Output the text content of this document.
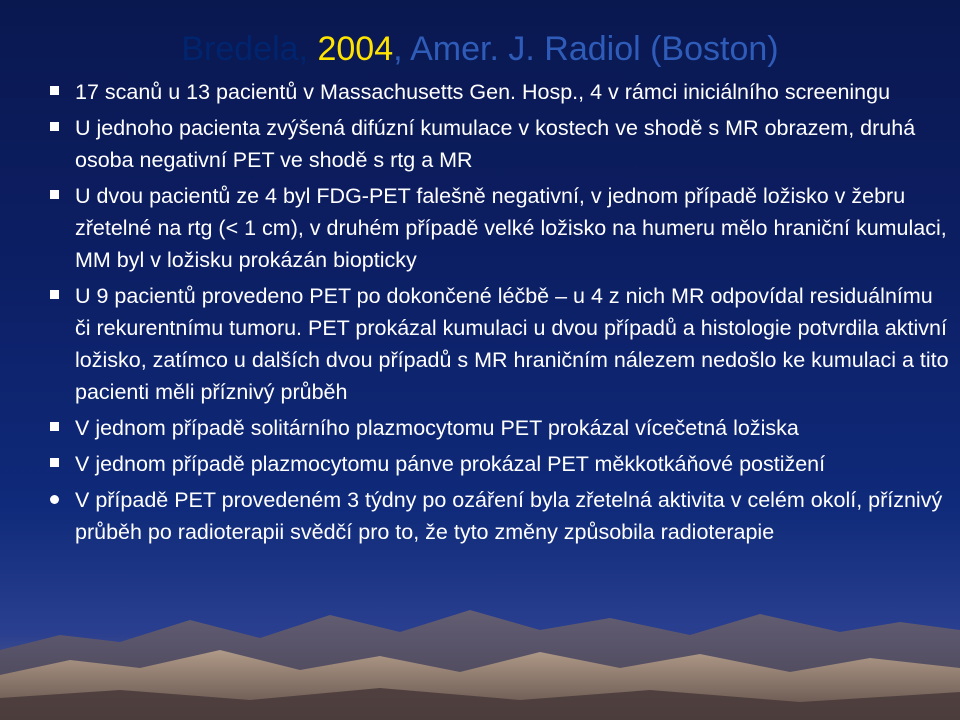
Bredela, 2004, Amer. J. Radiol (Boston)
17 scanů u 13 pacientů v Massachusetts Gen. Hosp., 4 v rámci iniciálního screeningu
U jednoho pacienta zvýšená difúzní kumulace v kostech ve shodě s MR obrazem, druhá osoba negativní PET ve shodě s rtg a MR
U dvou pacientů ze 4 byl FDG-PET falešně negativní, v jednom případě ložisko v žebru zřetelné na rtg (< 1 cm), v druhém případě velké ložisko na humeru mělo hraniční kumulaci, MM byl v ložisku prokázán biopticky
U 9 pacientů provedeno PET po dokončené léčbě – u 4 z nich MR odpovídal residuálnímu či rekurentnímu tumoru. PET prokázal kumulaci u dvou případů a histologie potvrdila aktivní ložisko, zatímco u dalších dvou případů s MR hraničním nálezem nedošlo ke kumulaci a tito pacienti měli příznivý průběh
V jednom případě solitárního plazmocytomu PET prokázal vícečetná ložiska
V jednom případě plazmocytomu pánve prokázal PET měkkotkáňové postižení
V případě PET provedeném 3 týdny po ozáření byla zřetelná aktivita v celém okolí, příznivý průběh po radioterapii svědčí pro to, že tyto změny způsobila radioterapie
